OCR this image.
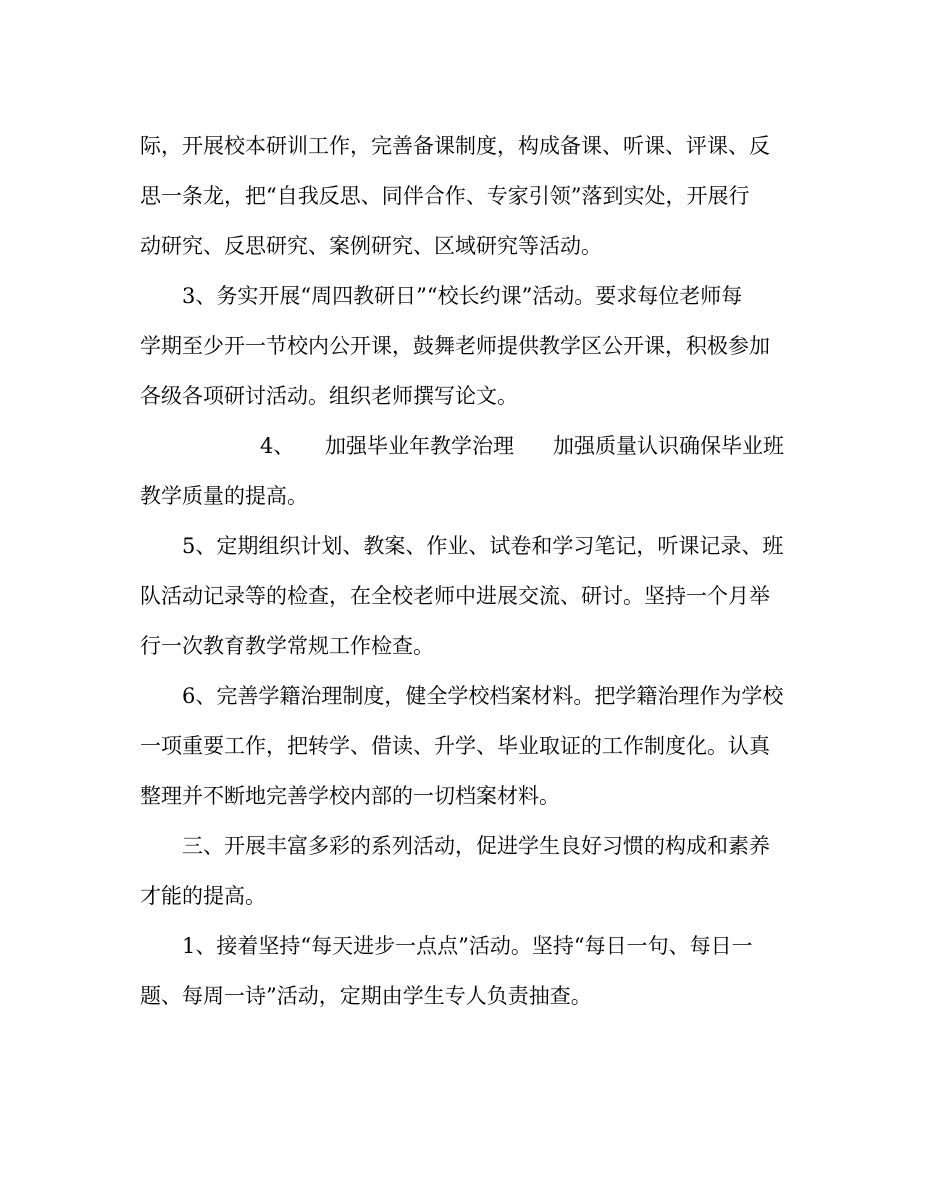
际，开展校本研训工作，完善备课制度，构成备课、听课、评课、反

思一条龙，把“自我反思、同伴合作、专家引领”落到实处，开展行

动研究、反思研究、案例研究、区域研究等活动。

3、务实开展“周四教研日”“校长约课”活动。要求每位老师每

学期至少开一节校内公开课，鼓舞老师提供教学区公开课，积极参加

各级各项研讨活动。组织老师撰写论文。

4、 加强毕业年教学治理 加强质量认识确保毕业班

教学质量的提高。

5、定期组织计划、教案、作业、试卷和学习笔记，听课记录、班

队活动记录等的检查，在全校老师中进展交流、研讨。坚持一个月举

行一次教育教学常规工作检查。

6、完善学籍治理制度，健全学校档案材料。把学籍治理作为学校

一项重要工作，把转学、借读、升学、毕业取证的工作制度化。认真

整理并不断地完善学校内部的一切档案材料。

三、开展丰富多彩的系列活动，促进学生良好习惯的构成和素养

才能的提高。

1、接着坚持“每天进步一点点”活动。坚持“每日一句、每日一

题、每周一诗”活动，定期由学生专人负责抽查。
